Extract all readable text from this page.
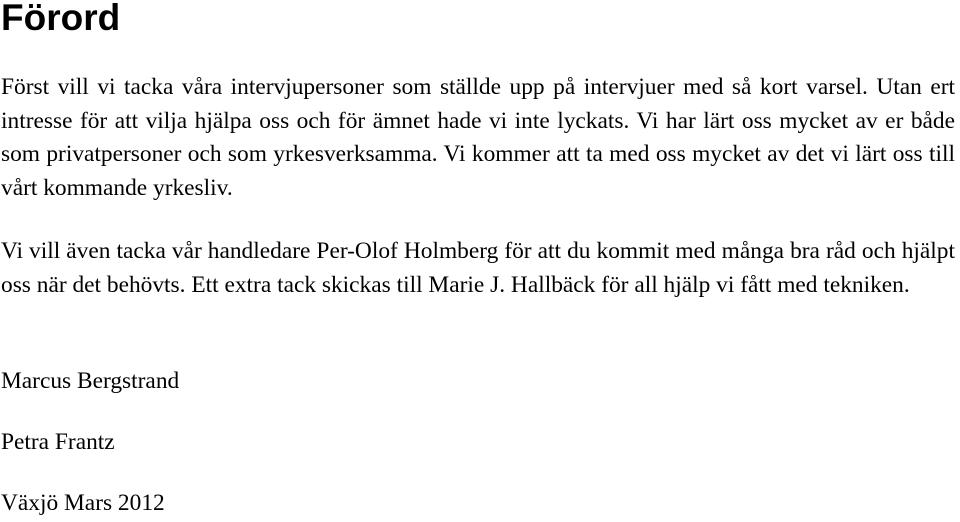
Förord

Först vill vi tacka våra intervjupersoner som ställde upp på intervjuer med så kort varsel. Utan ert intresse för att vilja hjälpa oss och för ämnet hade vi inte lyckats. Vi har lärt oss mycket av er både som privatpersoner och som yrkesverksamma. Vi kommer att ta med oss mycket av det vi lärt oss till vårt kommande yrkesliv.

Vi vill även tacka vår handledare Per-Olof Holmberg för att du kommit med många bra råd och hjälpt oss när det behövts. Ett extra tack skickas till Marie J. Hallbäck för all hjälp vi fått med tekniken.

Marcus Bergstrand

Petra Frantz

Växjö Mars 2012
